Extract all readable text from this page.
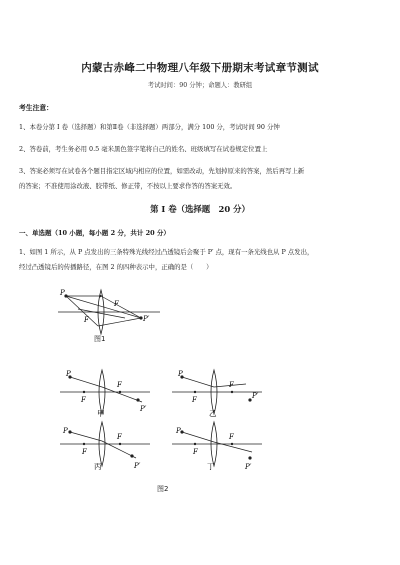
内蒙古赤峰二中物理八年级下册期末考试章节测试
考试时间：90 分钟；命题人：教研组
考生注意：
1、本卷分第 I 卷（选择题）和第Ⅱ卷（非选择题）两部分，满分 100 分，考试时间 90 分钟
2、答卷前，考生务必用 0.5 毫米黑色签字笔将自己的姓名、班级填写在试卷规定位置上
3、答案必须写在试卷各个题目指定区域内相应的位置，如需改动，先划掉原来的答案，然后再写上新
的答案；不准使用涂改液、胶带纸、修正带，不按以上要求作答的答案无效。
第 I 卷（选择题　20 分）
一、单选题（10 小题，每小题 2 分，共计 20 分）
1、如图 1 所示，从 P 点发出的三条特殊光线经过凸透镜后会聚于 P′ 点，现有一条光线也从 P 点发出，
经过凸透镜后的传播路径，在图 2 的四种表示中，正确的是（　　）
P
P′
F
F
图1
P
F
F
P′
甲
P
F
F
P′
乙
P
F
F
P′
丙
P
F
F
P′
丁
图2
